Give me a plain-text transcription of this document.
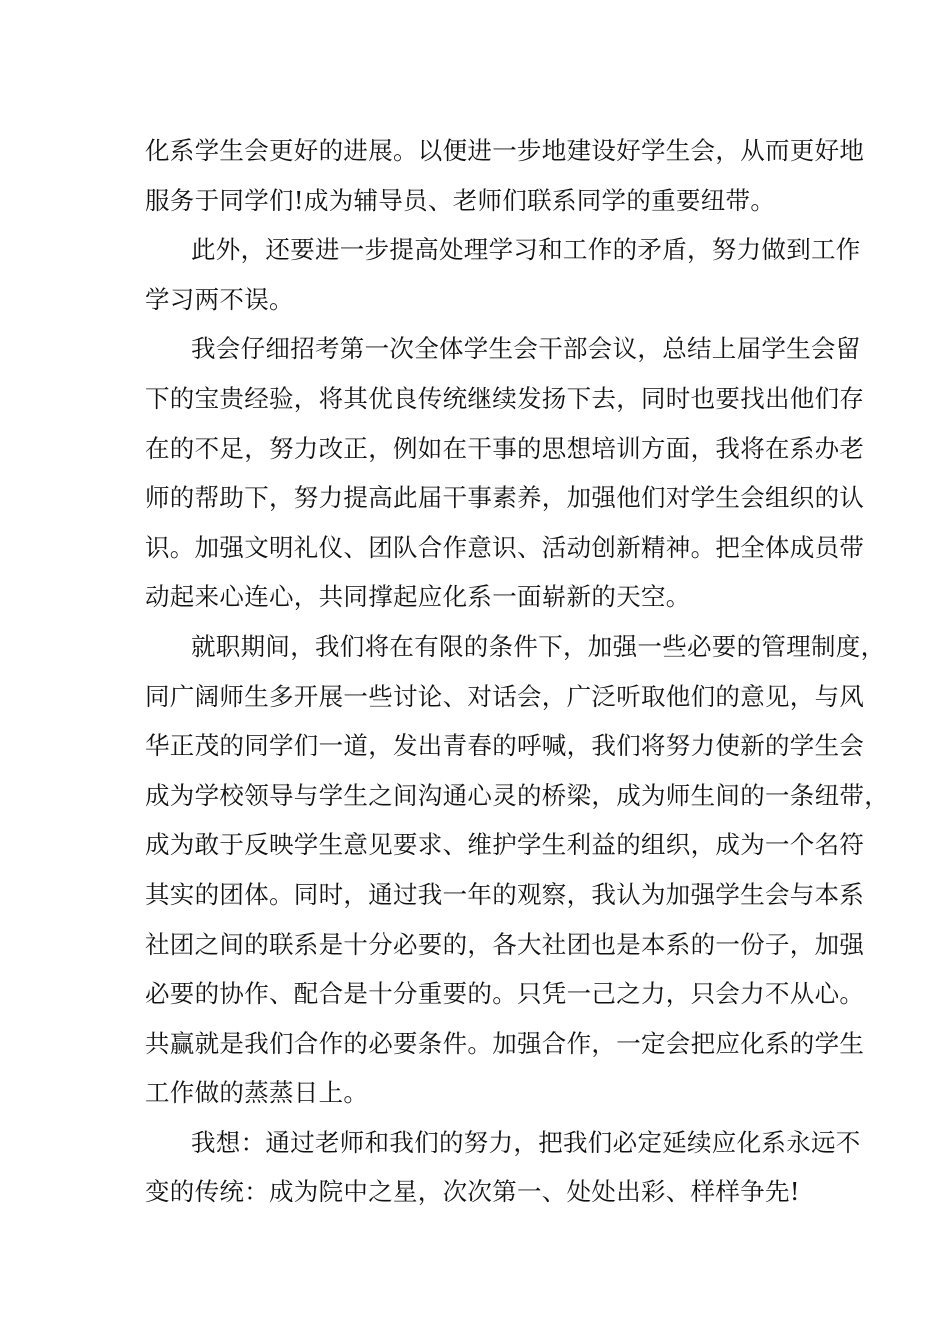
化系学生会更好的进展。以便进一步地建设好学生会，从而更好地
服务于同学们!成为辅导员、老师们联系同学的重要纽带。
此外，还要进一步提高处理学习和工作的矛盾，努力做到工作
学习两不误。
我会仔细招考第一次全体学生会干部会议，总结上届学生会留
下的宝贵经验，将其优良传统继续发扬下去，同时也要找出他们存
在的不足，努力改正，例如在干事的思想培训方面，我将在系办老
师的帮助下，努力提高此届干事素养，加强他们对学生会组织的认
识。加强文明礼仪、团队合作意识、活动创新精神。把全体成员带
动起来心连心，共同撑起应化系一面崭新的天空。
就职期间，我们将在有限的条件下，加强一些必要的管理制度，
同广阔师生多开展一些讨论、对话会，广泛听取他们的意见，与风
华正茂的同学们一道，发出青春的呼喊，我们将努力使新的学生会
成为学校领导与学生之间沟通心灵的桥梁，成为师生间的一条纽带，
成为敢于反映学生意见要求、维护学生利益的组织，成为一个名符
其实的团体。同时，通过我一年的观察，我认为加强学生会与本系
社团之间的联系是十分必要的，各大社团也是本系的一份子，加强
必要的协作、配合是十分重要的。只凭一己之力，只会力不从心。
共赢就是我们合作的必要条件。加强合作，一定会把应化系的学生
工作做的蒸蒸日上。
我想：通过老师和我们的努力，把我们必定延续应化系永远不
变的传统：成为院中之星，次次第一、处处出彩、样样争先!
